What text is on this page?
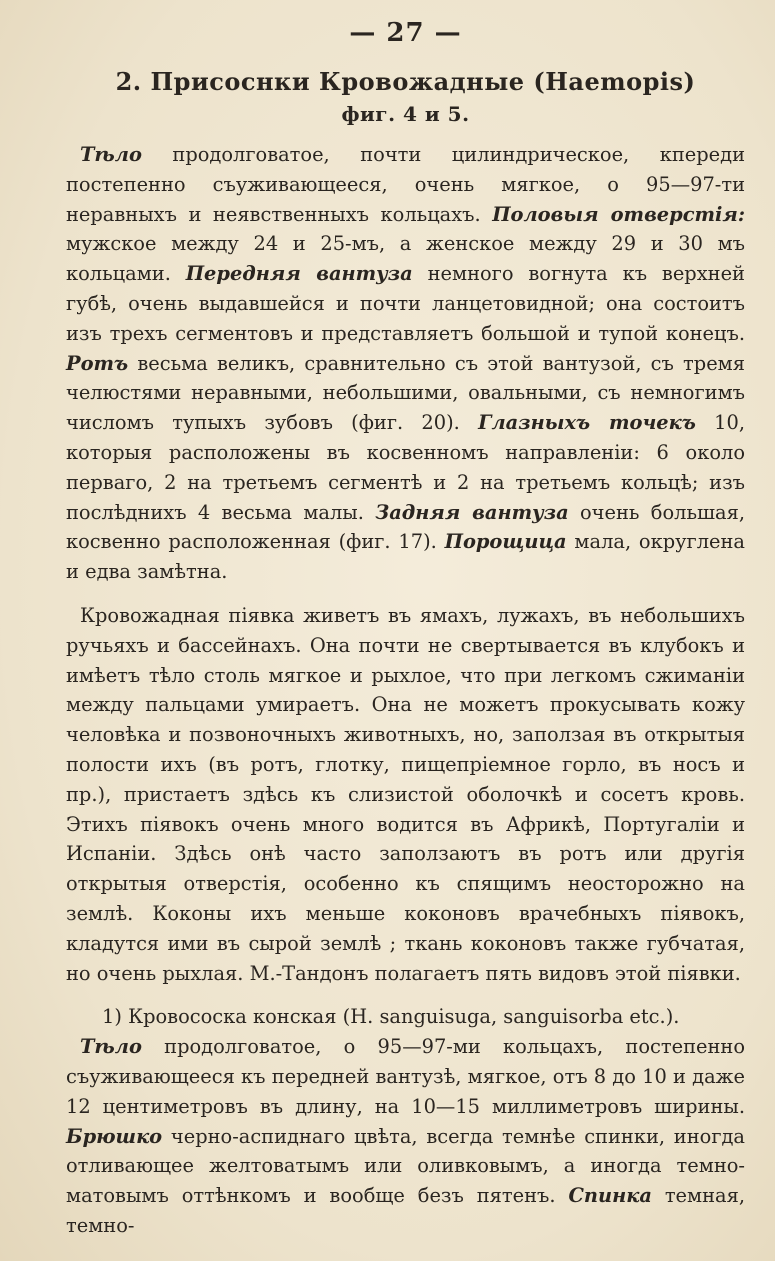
— 27 —
2. Присоснки Кровожадные (Haemopis)
фиг. 4 и 5.

Тѣло продолговатое, почти цилиндрическое, кпереди постепенно съуживающееся, очень мягкое, о 95—97-ти неравныхъ и неявственныхъ кольцахъ. Половыя отверстія: мужское между 24 и 25-мъ, а женское между 29 и 30 мъ кольцами. Передняя вантуза немного вогнута къ верхней губѣ, очень выдавшейся и почти ланцетовидной; она состоитъ изъ трехъ сегментовъ и представляетъ большой и тупой конецъ. Ротъ весьма великъ, сравнительно съ этой вантузой, съ тремя челюстями неравными, небольшими, овальными, съ немногимъ числомъ тупыхъ зубовъ (фиг. 20). Глазныхъ точекъ 10, которыя расположены въ косвенномъ направленіи: 6 около перваго, 2 на третьемъ сегментѣ и 2 на третьемъ кольцѣ; изъ послѣднихъ 4 весьма малы. Задняя вантуза очень большая, косвенно расположенная (фиг. 17). Порощица мала, округлена и едва замѣтна.

Кровожадная піявка живетъ въ ямахъ, лужахъ, въ небольшихъ ручьяхъ и бассейнахъ. Она почти не свертывается въ клубокъ и имѣетъ тѣло столь мягкое и рыхлое, что при легкомъ сжиманіи между пальцами умираетъ. Она не можетъ прокусывать кожу человѣка и позвоночныхъ животныхъ, но, заползая въ открытыя полости ихъ (въ ротъ, глотку, пищепріемное горло, въ носъ и пр.), пристаетъ здѣсь къ слизистой оболочкѣ и сосетъ кровь. Этихъ піявокъ очень много водится въ Африкѣ, Португаліи и Испаніи. Здѣсь онѣ часто заползаютъ въ ротъ или другія открытыя отверстія, особенно къ спящимъ неосторожно на землѣ. Коконы ихъ меньше коконовъ врачебныхъ піявокъ, кладутся ими въ сырой землѣ ; ткань коконовъ также губчатая, но очень рыхлая. М.-Тандонъ полагаетъ пять видовъ этой піявки.

1) Кровососка конская (H. sanguisuga, sanguisorba etc.).

Тѣло продолговатое, о 95—97-ми кольцахъ, постепенно съуживающееся къ передней вантузѣ, мягкое, отъ 8 до 10 и даже 12 центиметровъ въ длину, на 10—15 миллиметровъ ширины. Брюшко черно-аспиднаго цвѣта, всегда темнѣе спинки, иногда отливающее желтоватымъ или оливковымъ, а иногда темно-матовымъ оттѣнкомъ и вообще безъ пятенъ. Спинка темная, темно-
